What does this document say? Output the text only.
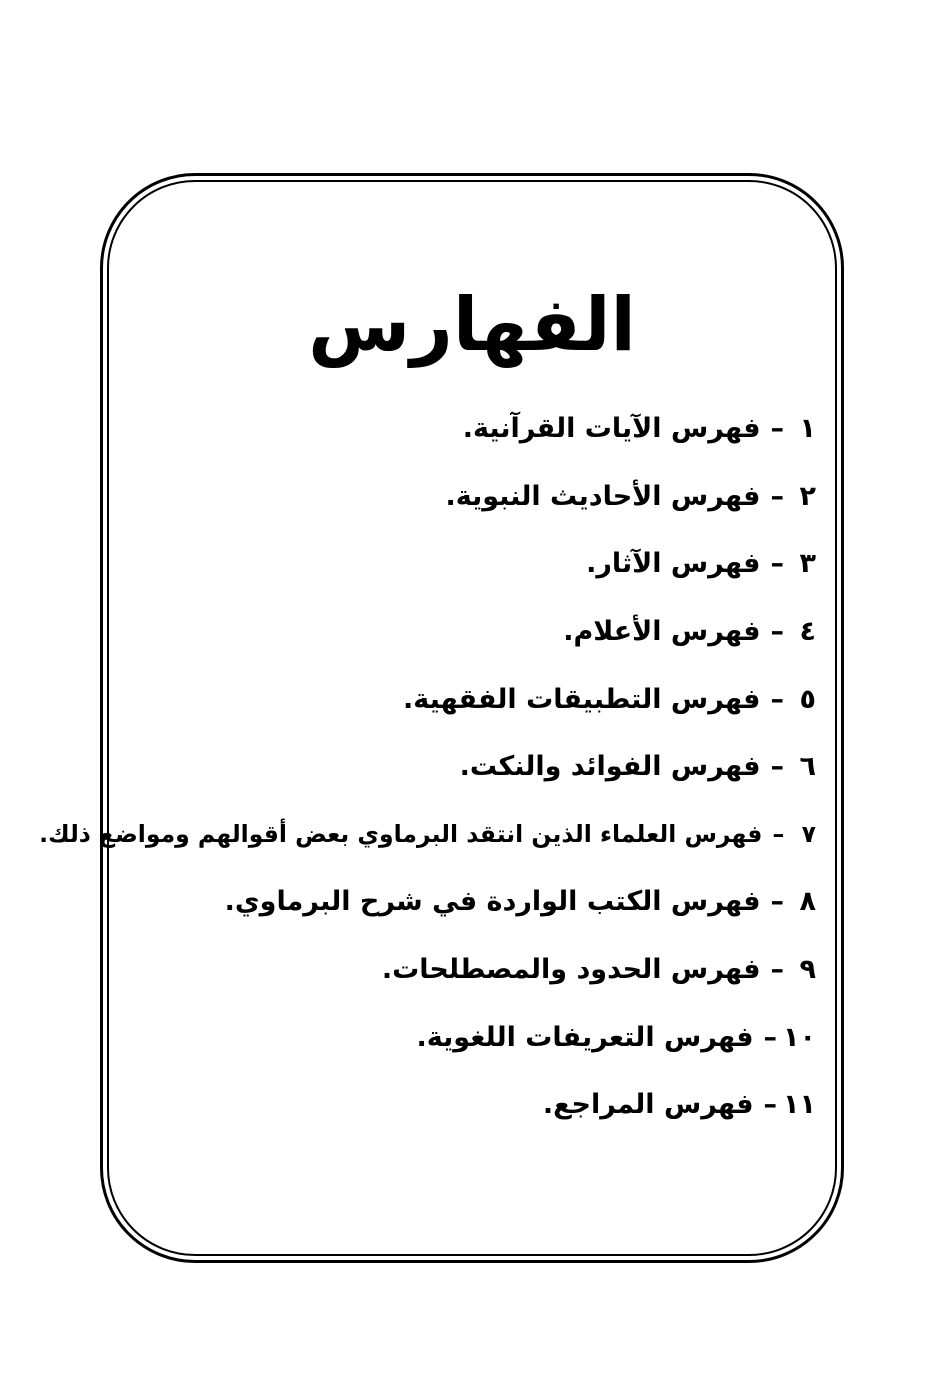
الفهارس
١
–
فهرس الآيات القرآنية.
٢
–
فهرس الأحاديث النبوية.
٣
–
فهرس الآثار.
٤
–
فهرس الأعلام.
٥
–
فهرس التطبيقات الفقهية.
٦
–
فهرس الفوائد والنكت.
٧
–
فهرس العلماء الذين انتقد البرماوي بعض أقوالهم ومواضع ذلك.
٨
–
فهرس الكتب الواردة في شرح البرماوي.
٩
–
فهرس الحدود والمصطلحات.
١٠
–
فهرس التعريفات اللغوية.
١١
–
فهرس المراجع.
